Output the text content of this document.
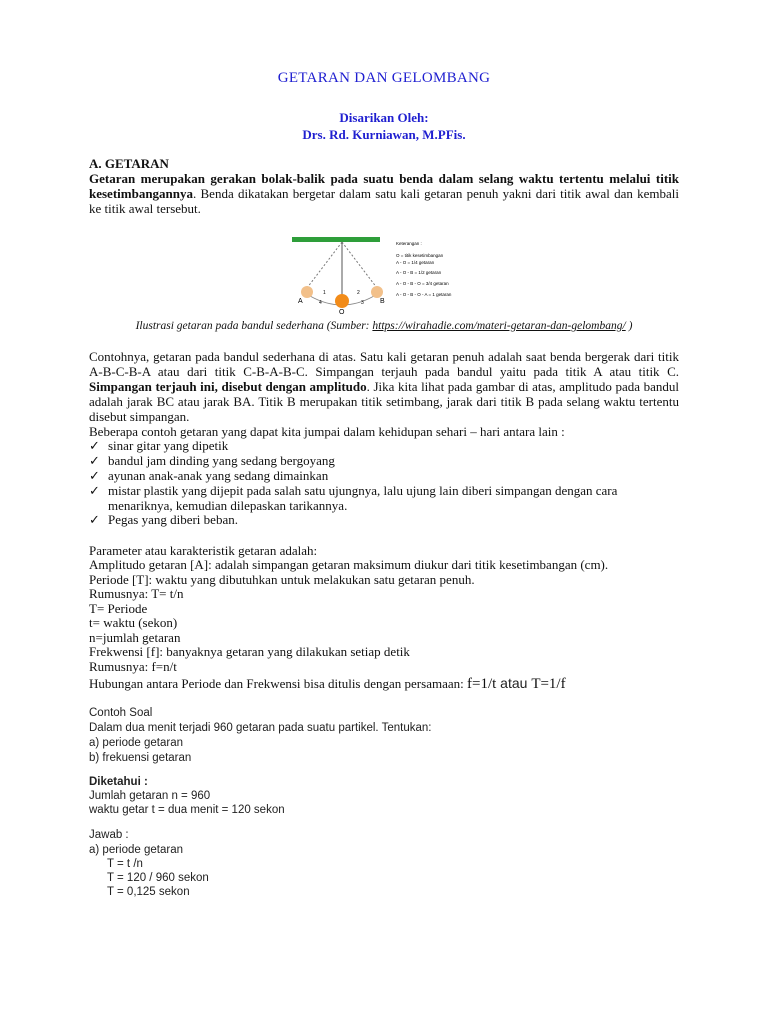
GETARAN DAN GELOMBANG
Disarikan Oleh:
Drs. Rd. Kurniawan, M.PFis.
A. GETARAN
Getaran merupakan gerakan bolak-balik pada suatu benda dalam selang waktu tertentu melalui titik kesetimbangannya. Benda dikatakan bergetar dalam satu kali getaran penuh yakni dari titik awal dan kembali ke titik awal tersebut.
A	B
O
1	2
3
4
Keterangan :
O = titik kesetimbangan
A - O = 1/4 getaran
A - O - B = 1/2 getaran
A - O - B - O = 3/4 getaran
A - O - B - O - A = 1 getaran
Ilustrasi getaran pada bandul sederhana (Sumber: https://wirahadie.com/materi-getaran-dan-gelombang/ )
Contohnya, getaran pada bandul sederhana di atas. Satu kali getaran penuh adalah saat benda bergerak dari titik A-B-C-B-A atau dari titik C-B-A-B-C. Simpangan terjauh pada bandul yaitu pada titik A atau titik C. Simpangan terjauh ini, disebut dengan amplitudo. Jika kita lihat pada gambar di atas, amplitudo pada bandul adalah jarak BC atau jarak BA. Titik B merupakan titik setimbang, jarak dari titik B pada selang waktu tertentu disebut simpangan.
Beberapa contoh getaran yang dapat kita jumpai dalam kehidupan sehari – hari antara lain :
✓ sinar gitar yang dipetik
✓ bandul jam dinding yang sedang bergoyang
✓ ayunan anak-anak yang sedang dimainkan
✓ mistar plastik yang dijepit pada salah satu ujungnya, lalu ujung lain diberi simpangan dengan cara menariknya, kemudian dilepaskan tarikannya.
✓ Pegas yang diberi beban.
Parameter atau karakteristik getaran adalah:
Amplitudo getaran [A]: adalah simpangan getaran maksimum diukur dari titik kesetimbangan (cm).
Periode [T]: waktu yang dibutuhkan untuk melakukan satu getaran penuh.
Rumusnya: T= t/n
T= Periode
t= waktu (sekon)
n=jumlah getaran
Frekwensi [f]: banyaknya getaran yang dilakukan setiap detik
Rumusnya: f=n/t
Hubungan antara Periode dan Frekwensi bisa ditulis dengan persamaan: f=1/t atau T=1/f
Contoh Soal
Dalam dua menit terjadi 960 getaran pada suatu partikel. Tentukan:
a) periode getaran
b) frekuensi getaran
Diketahui :
Jumlah getaran n = 960
waktu getar t = dua menit = 120 sekon
Jawab :
a) periode getaran
T = t /n
T = 120 / 960 sekon
T = 0,125 sekon
